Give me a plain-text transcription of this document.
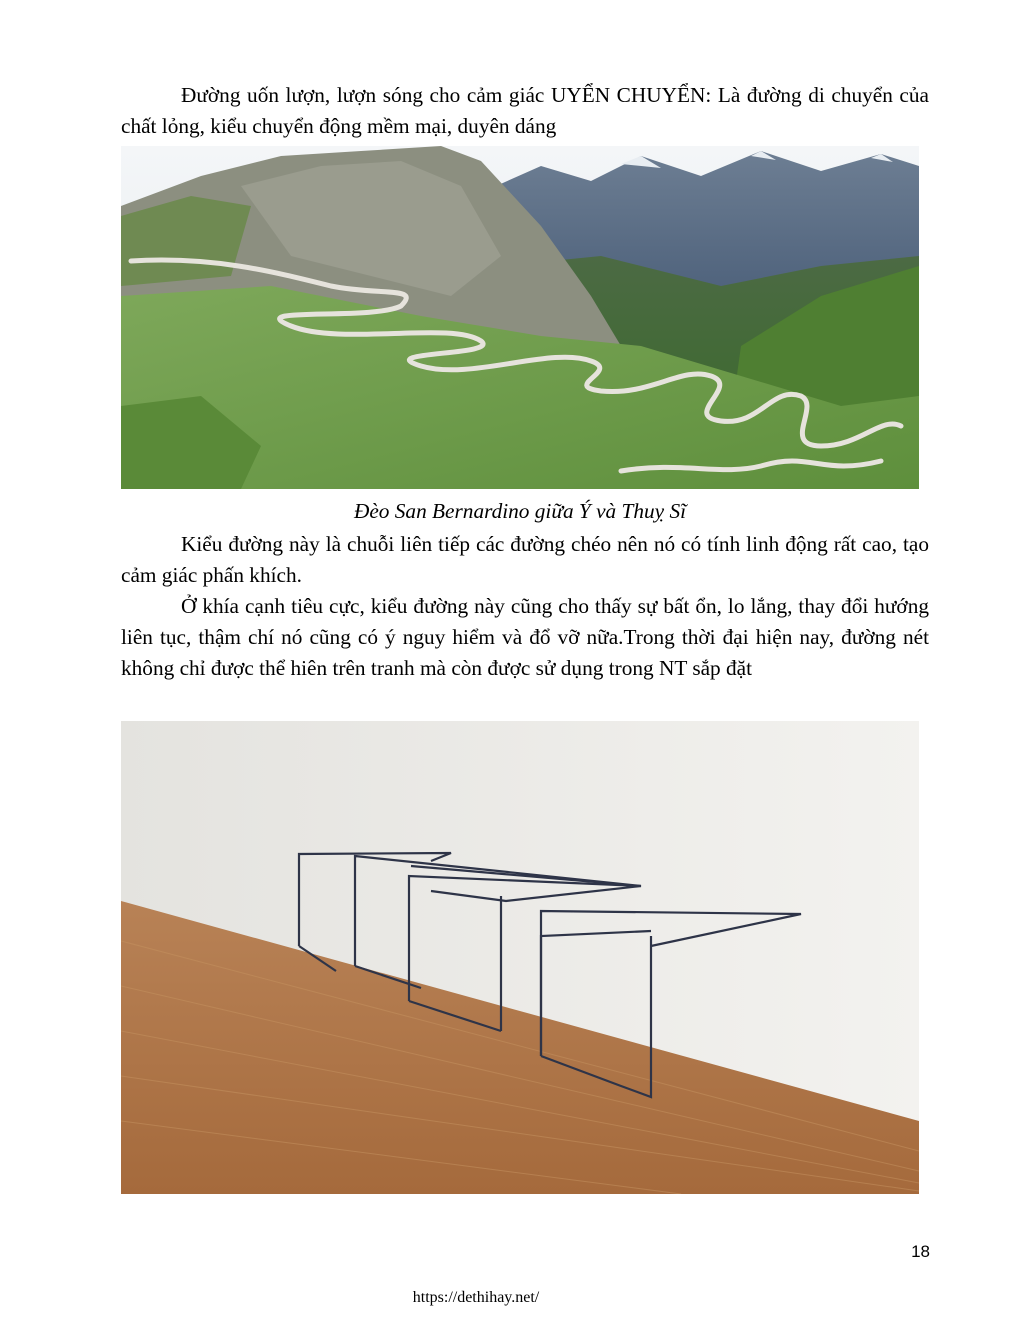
Đường uốn lượn, lượn sóng cho cảm giác UYỂN CHUYỂN: Là đường di chuyển của chất lỏng, kiểu chuyển động mềm mại, duyên dáng

Đèo San Bernardino giữa Ý và Thuỵ Sĩ

Kiểu đường này là chuỗi liên tiếp các đường chéo nên nó có tính linh động rất cao, tạo cảm giác phấn khích.

Ở khía cạnh tiêu cực, kiểu đường này cũng cho thấy sự bất ổn, lo lắng, thay đổi hướng liên tục, thậm chí nó cũng có ý nguy hiểm và đổ vỡ nữa.Trong thời đại hiện nay, đường nét không chỉ được thể hiên trên tranh mà còn được sử dụng trong NT sắp đặt

18
https://dethihay.net/
